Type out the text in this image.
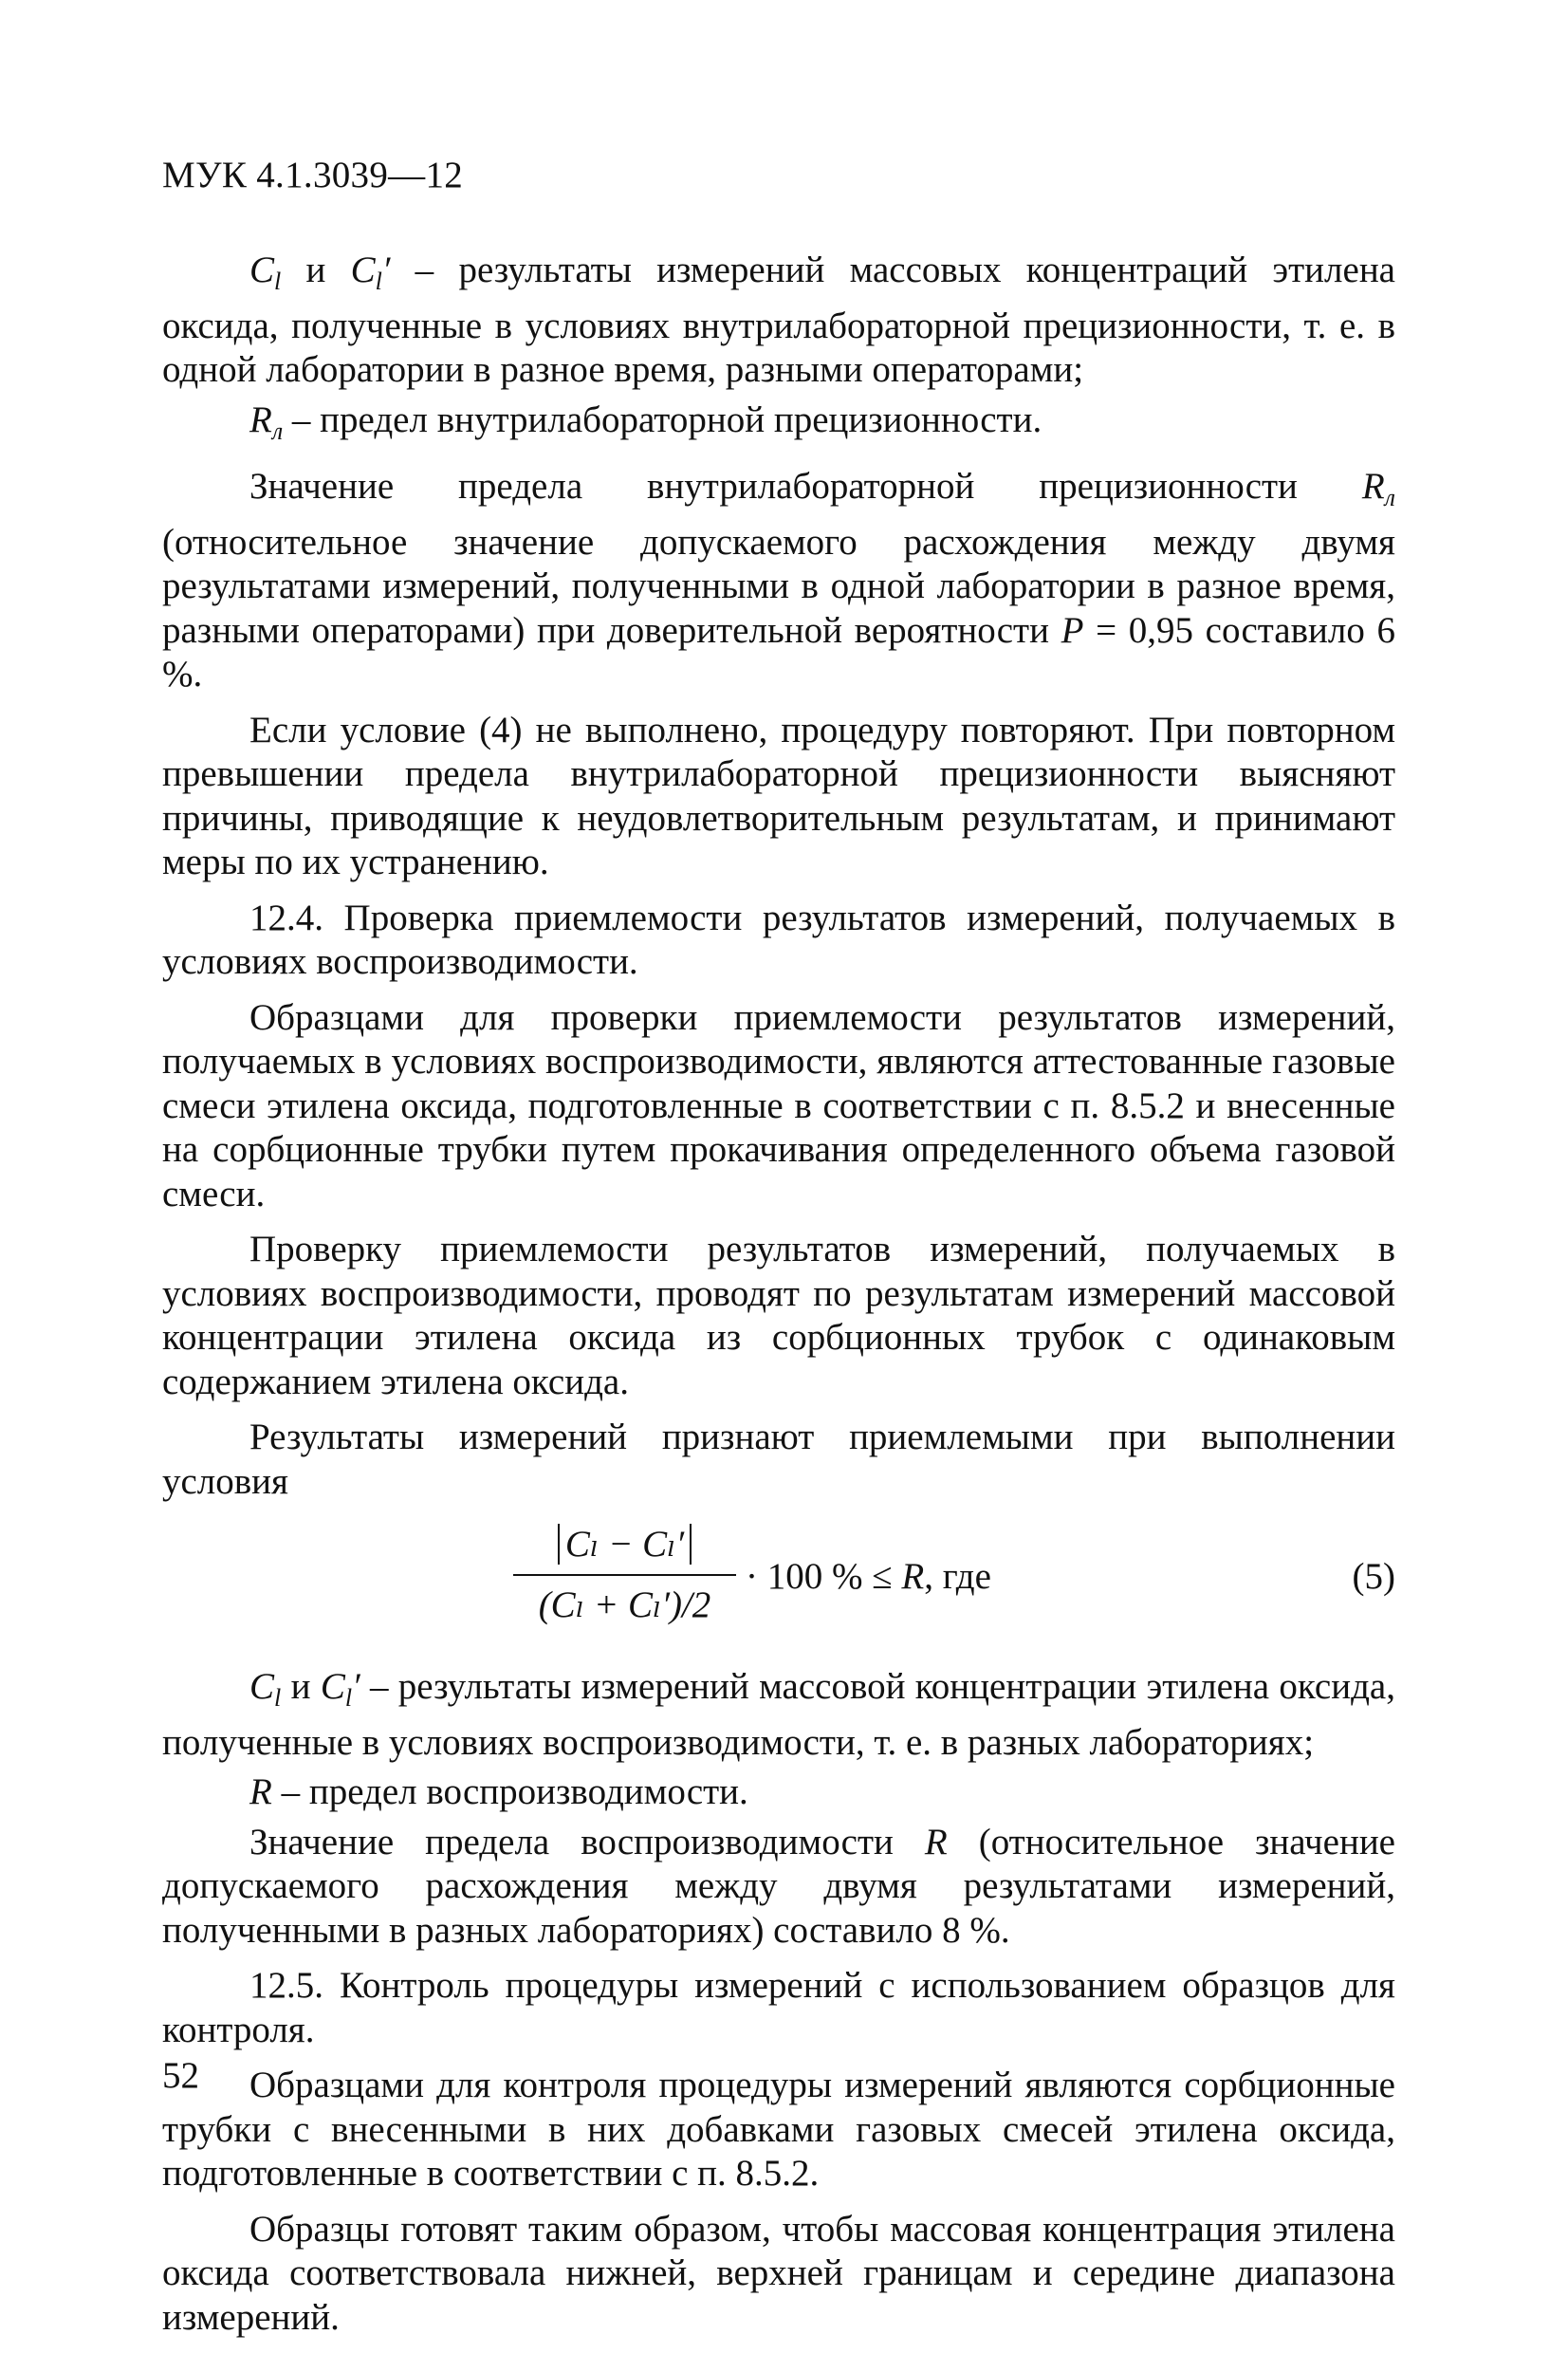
МУК 4.1.3039—12

$C_l$ и $C_l'$ – результаты измерений массовых концентраций этилена оксида, полученные в условиях внутрилабораторной прецизионности, т. е. в одной лаборатории в разное время, разными операторами;

$R_л$ – предел внутрилабораторной прецизионности.

Значение предела внутрилабораторной прецизионности $R_л$ (относительное значение допускаемого расхождения между двумя результатами измерений, полученными в одной лаборатории в разное время, разными операторами) при доверительной вероятности P = 0,95 составило 6 %.

Если условие (4) не выполнено, процедуру повторяют. При повторном превышении предела внутрилабораторной прецизионности выясняют причины, приводящие к неудовлетворительным результатам, и принимают меры по их устранению.

12.4. Проверка приемлемости результатов измерений, получаемых в условиях воспроизводимости.

Образцами для проверки приемлемости результатов измерений, получаемых в условиях воспроизводимости, являются аттестованные газовые смеси этилена оксида, подготовленные в соответствии с п. 8.5.2 и внесенные на сорбционные трубки путем прокачивания определенного объема газовой смеси.

Проверку приемлемости результатов измерений, получаемых в условиях воспроизводимости, проводят по результатам измерений массовой концентрации этилена оксида из сорбционных трубок с одинаковым содержанием этилена оксида.

Результаты измерений признают приемлемыми при выполнении условия

$\frac{\text{Cₗ − Cₗ′}}{\text{(Cₗ + Cₗ′)/2}} \cdot 100$ % ≤ R, где	(5)

$C_l$ и $C_l'$ – результаты измерений массовой концентрации этилена оксида, полученные в условиях воспроизводимости, т. е. в разных лабораториях;

R – предел воспроизводимости.

Значение предела воспроизводимости R (относительное значение допускаемого расхождения между двумя результатами измерений, полученными в разных лабораториях) составило 8 %.

12.5. Контроль процедуры измерений с использованием образцов для контроля.

Образцами для контроля процедуры измерений являются сорбционные трубки с внесенными в них добавками газовых смесей этилена оксида, подготовленные в соответствии с п. 8.5.2.

Образцы готовят таким образом, чтобы массовая концентрация этилена оксида соответствовала нижней, верхней границам и середине диапазона измерений.

52
